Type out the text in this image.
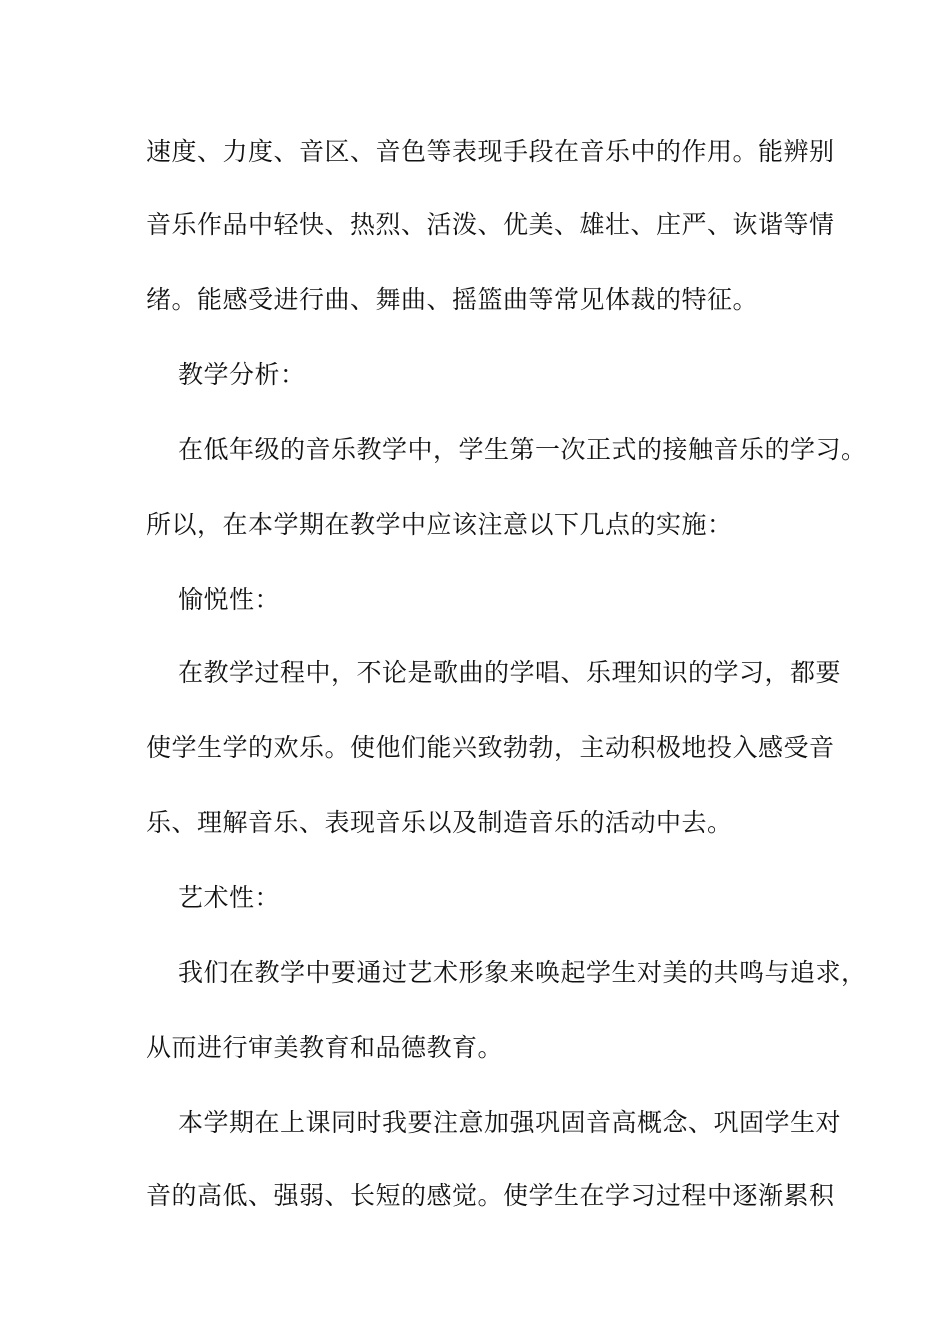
速度、力度、音区、音色等表现手段在音乐中的作用。能辨别
音乐作品中轻快、热烈、活泼、优美、雄壮、庄严、诙谐等情
绪。能感受进行曲、舞曲、摇篮曲等常见体裁的特征。
教学分析：
在低年级的音乐教学中，学生第一次正式的接触音乐的学习。
所以，在本学期在教学中应该注意以下几点的实施：
愉悦性：
在教学过程中，不论是歌曲的学唱、乐理知识的学习，都要
使学生学的欢乐。使他们能兴致勃勃，主动积极地投入感受音
乐、理解音乐、表现音乐以及制造音乐的活动中去。
艺术性：
我们在教学中要通过艺术形象来唤起学生对美的共鸣与追求，
从而进行审美教育和品德教育。
本学期在上课同时我要注意加强巩固音高概念、巩固学生对
音的高低、强弱、长短的感觉。使学生在学习过程中逐渐累积
